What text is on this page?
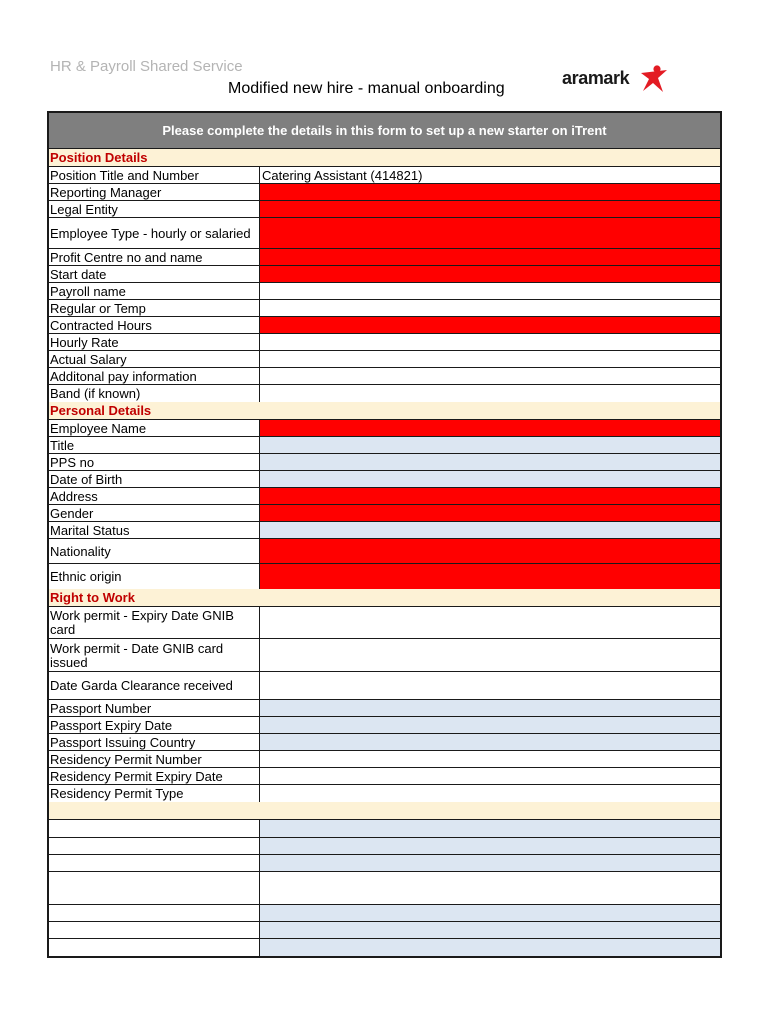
HR & Payroll Shared Service
Modified new hire - manual onboarding
aramark
Please complete the details in this form to set up a new starter on iTrent
Position Details
Position Title and Number	Catering Assistant (414821)
Reporting Manager
Legal Entity
Employee Type - hourly or salaried
Profit Centre no and name
Start date
Payroll name
Regular or Temp
Contracted Hours
Hourly Rate
Actual Salary
Additonal pay information
Band (if known)
Personal Details
Employee Name
Title
PPS no
Date of Birth
Address
Gender
Marital Status
Nationality
Ethnic origin
Right to Work
Work permit - Expiry Date GNIB card
Work permit - Date GNIB card issued
Date Garda Clearance received
Passport Number
Passport Expiry Date
Passport Issuing Country
Residency Permit Number
Residency Permit Expiry Date
Residency Permit Type
